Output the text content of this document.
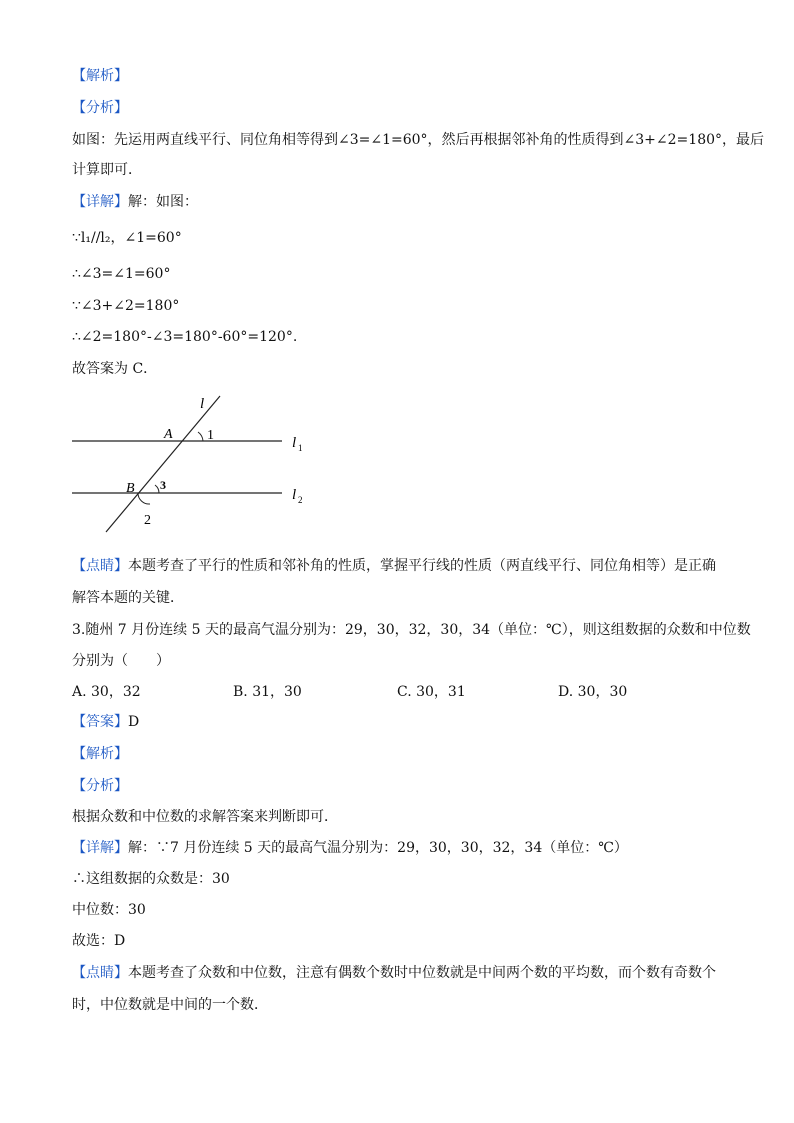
【解析】
【分析】
如图：先运用两直线平行、同位角相等得到∠3=∠1=60°，然后再根据邻补角的性质得到∠3+∠2=180°，最后
计算即可．
【详解】解：如图：
∵l₁//l₂，∠1=60°
∴∠3=∠1=60°
∵∠3+∠2=180°
∴∠2=180°-∠3=180°-60°=120°.
故答案为 C．
l
A 1	l 1
B 3
l 2
2
【点睛】本题考查了平行的性质和邻补角的性质，掌握平行线的性质（两直线平行、同位角相等）是正确
解答本题的关键．
3.随州 7 月份连续 5 天的最高气温分别为：29，30，32，30，34（单位：℃），则这组数据的众数和中位数
分别为（　　）
A. 30，32	B. 31，30	C. 30，31	D. 30，30
【答案】D
【解析】
【分析】
根据众数和中位数的求解答案来判断即可．
【详解】解：∵7 月份连续 5 天的最高气温分别为：29，30，30，32，34（单位：℃）
∴这组数据的众数是：30
中位数：30
故选：D
【点睛】本题考查了众数和中位数，注意有偶数个数时中位数就是中间两个数的平均数，而个数有奇数个
时，中位数就是中间的一个数．
